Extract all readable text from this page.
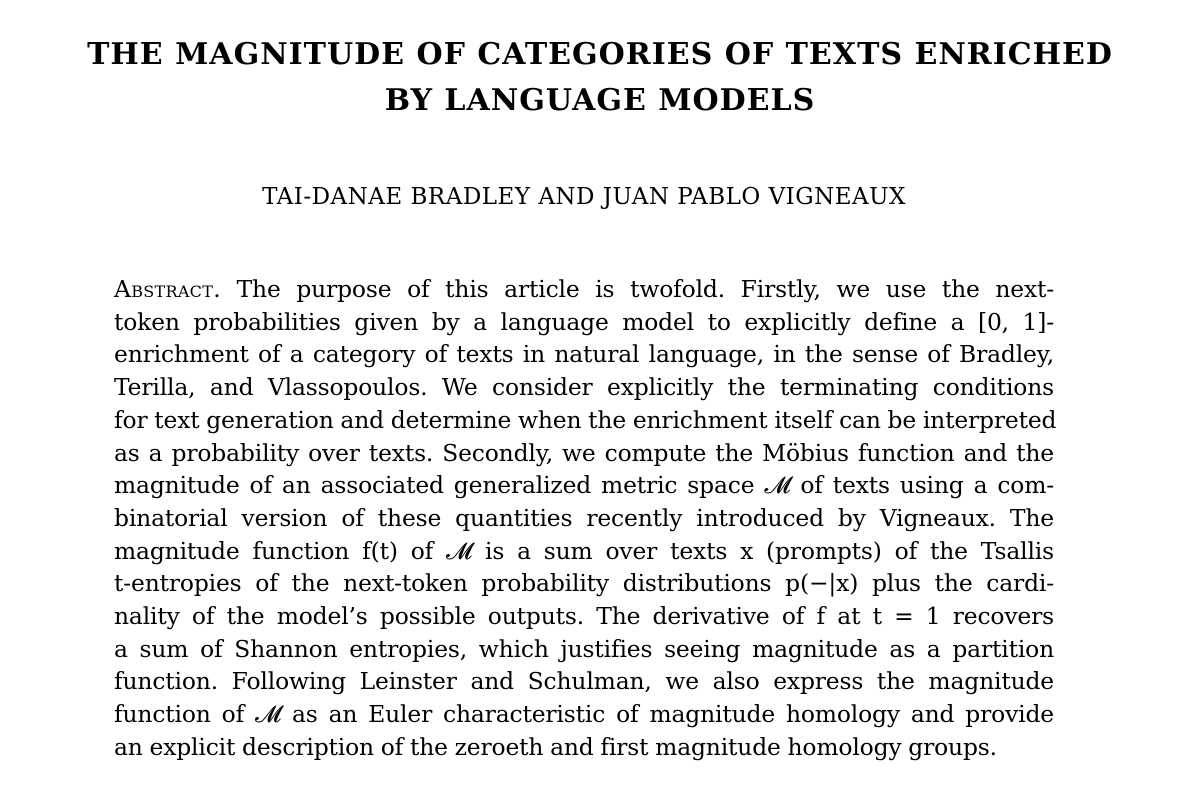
THE MAGNITUDE OF CATEGORIES OF TEXTS ENRICHED
BY LANGUAGE MODELS

TAI-DANAE BRADLEY AND JUAN PABLO VIGNEAUX

Abstract. The purpose of this article is twofold. Firstly, we use the next-
token probabilities given by a language model to explicitly define a [0, 1]-
enrichment of a category of texts in natural language, in the sense of Bradley,
Terilla, and Vlassopoulos. We consider explicitly the terminating conditions
for text generation and determine when the enrichment itself can be interpreted
as a probability over texts. Secondly, we compute the Möbius function and the
magnitude of an associated generalized metric space 𝓜 of texts using a com-
binatorial version of these quantities recently introduced by Vigneaux. The
magnitude function f(t) of 𝓜 is a sum over texts x (prompts) of the Tsallis
t-entropies of the next-token probability distributions p(−|x) plus the cardi-
nality of the model’s possible outputs. The derivative of f at t = 1 recovers
a sum of Shannon entropies, which justifies seeing magnitude as a partition
function. Following Leinster and Schulman, we also express the magnitude
function of 𝓜 as an Euler characteristic of magnitude homology and provide
an explicit description of the zeroeth and first magnitude homology groups.
